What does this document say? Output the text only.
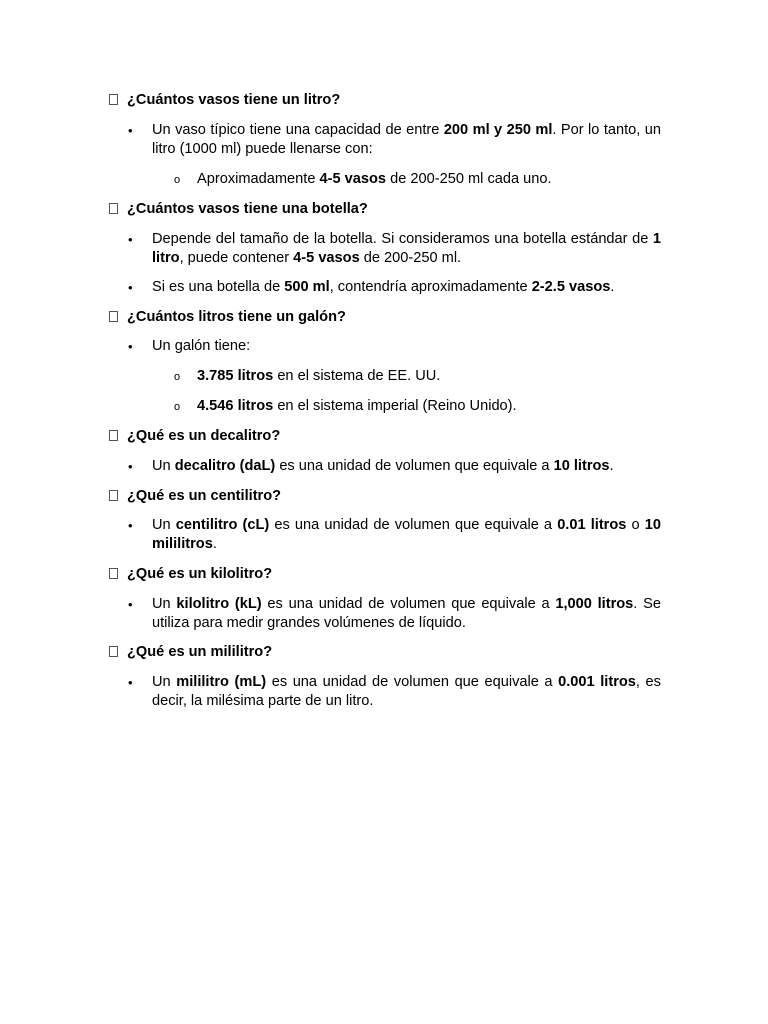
¿Cuántos vasos tiene un litro?
• Un vaso típico tiene una capacidad de entre 200 ml y 250 ml. Por lo tanto, un litro (1000 ml) puede llenarse con:
o Aproximadamente 4-5 vasos de 200-250 ml cada uno.
¿Cuántos vasos tiene una botella?
• Depende del tamaño de la botella. Si consideramos una botella estándar de 1 litro, puede contener 4-5 vasos de 200-250 ml.
• Si es una botella de 500 ml, contendría aproximadamente 2-2.5 vasos.
¿Cuántos litros tiene un galón?
• Un galón tiene:
o 3.785 litros en el sistema de EE. UU.
o 4.546 litros en el sistema imperial (Reino Unido).
¿Qué es un decalitro?
• Un decalitro (daL) es una unidad de volumen que equivale a 10 litros.
¿Qué es un centilitro?
• Un centilitro (cL) es una unidad de volumen que equivale a 0.01 litros o 10 mililitros.
¿Qué es un kilolitro?
• Un kilolitro (kL) es una unidad de volumen que equivale a 1,000 litros. Se utiliza para medir grandes volúmenes de líquido.
¿Qué es un mililitro?
• Un mililitro (mL) es una unidad de volumen que equivale a 0.001 litros, es decir, la milésima parte de un litro.
